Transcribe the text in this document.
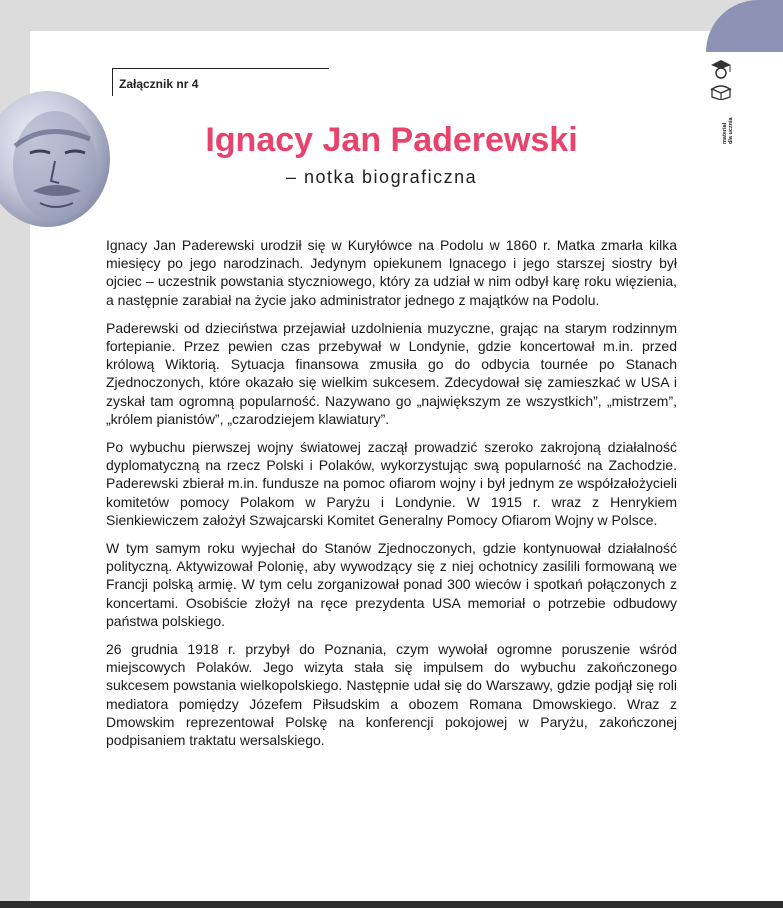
Załącznik nr 4
Ignacy Jan Paderewski
– notka biograficzna
materiał dla ucznia

Ignacy Jan Paderewski urodził się w Kuryłówce na Podolu w 1860 r. Matka zmarła kilka miesięcy po jego narodzinach. Jedynym opiekunem Ignacego i jego starszej siostry był ojciec – uczestnik powstania styczniowego, który za udział w nim odbył karę roku więzienia, a następnie zarabiał na życie jako administrator jednego z majątków na Podolu.

Paderewski od dzieciństwa przejawiał uzdolnienia muzyczne, grając na starym rodzinnym fortepianie. Przez pewien czas przebywał w Londynie, gdzie koncertował m.in. przed królową Wiktorią. Sytuacja finansowa zmusiła go do odbycia tournée po Stanach Zjednoczonych, które okazało się wielkim sukcesem. Zdecydował się zamieszkać w USA i zyskał tam ogromną popularność. Nazywano go „największym ze wszystkich”, „mistrzem”, „królem pianistów”, „czarodziejem klawiatury”.

Po wybuchu pierwszej wojny światowej zaczął prowadzić szeroko zakrojoną działalność dyplomatyczną na rzecz Polski i Polaków, wykorzystując swą popularność na Zachodzie. Paderewski zbierał m.in. fundusze na pomoc ofiarom wojny i był jednym ze współzałożycieli komitetów pomocy Polakom w Paryżu i Londynie. W 1915 r. wraz z Henrykiem Sienkiewiczem założył Szwajcarski Komitet Generalny Pomocy Ofiarom Wojny w Polsce.

W tym samym roku wyjechał do Stanów Zjednoczonych, gdzie kontynuował działalność polityczną. Aktywizował Polonię, aby wywodzący się z niej ochotnicy zasilili formowaną we Francji polską armię. W tym celu zorganizował ponad 300 wieców i spotkań połączonych z koncertami. Osobiście złożył na ręce prezydenta USA memoriał o potrzebie odbudowy państwa polskiego.

26 grudnia 1918 r. przybył do Poznania, czym wywołał ogromne poruszenie wśród miejscowych Polaków. Jego wizyta stała się impulsem do wybuchu zakończonego sukcesem powstania wielkopolskiego. Następnie udał się do Warszawy, gdzie podjął się roli mediatora pomiędzy Józefem Piłsudskim a obozem Romana Dmowskiego. Wraz z Dmowskim reprezentował Polskę na konferencji pokojowej w Paryżu, zakończonej podpisaniem traktatu wersalskiego.
